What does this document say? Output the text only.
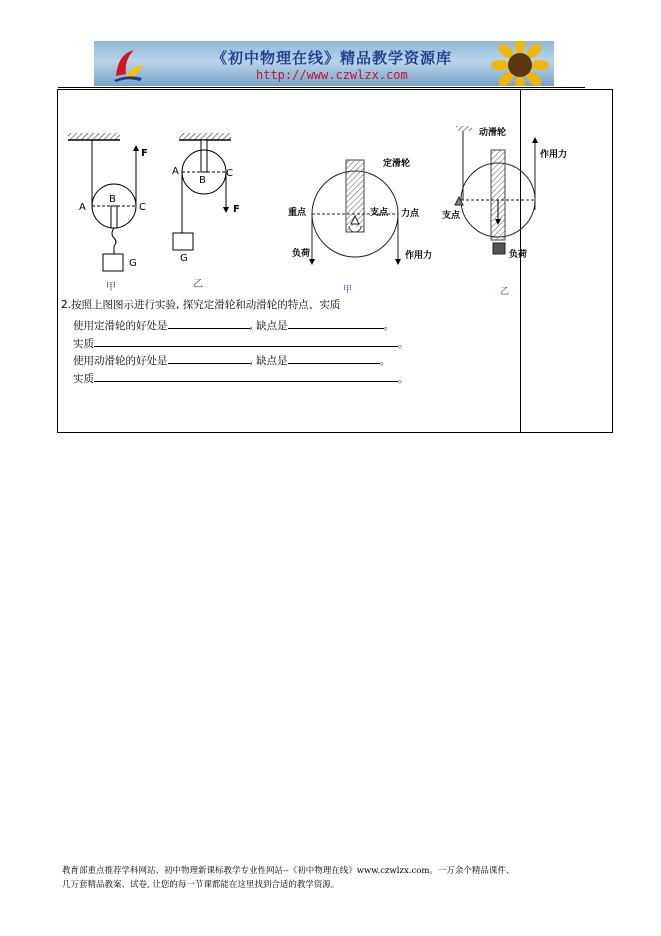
《初中物理在线》精品教学资源库
http://www.czwlzx.com
F
A
B
C
G
甲
A
B
C
F
G
乙
定滑轮
重点	支点 力点
负荷	作用力
甲
动滑轮
作用力
支点
负荷
乙
2.按照上图图示进行实验, 探究定滑轮和动滑轮的特点、实质
使用定滑轮的好处是	, 缺点是	。
实质	。
使用动滑轮的好处是	, 缺点是	。
实质	。
教育部重点推荐学科网站、初中物理新课标教学专业性网站--《初中物理在线》www.czwlzx.com。一万余个精品课件、
几万套精品教案、试卷, 让您的每一节课都能在这里找到合适的教学资源。
